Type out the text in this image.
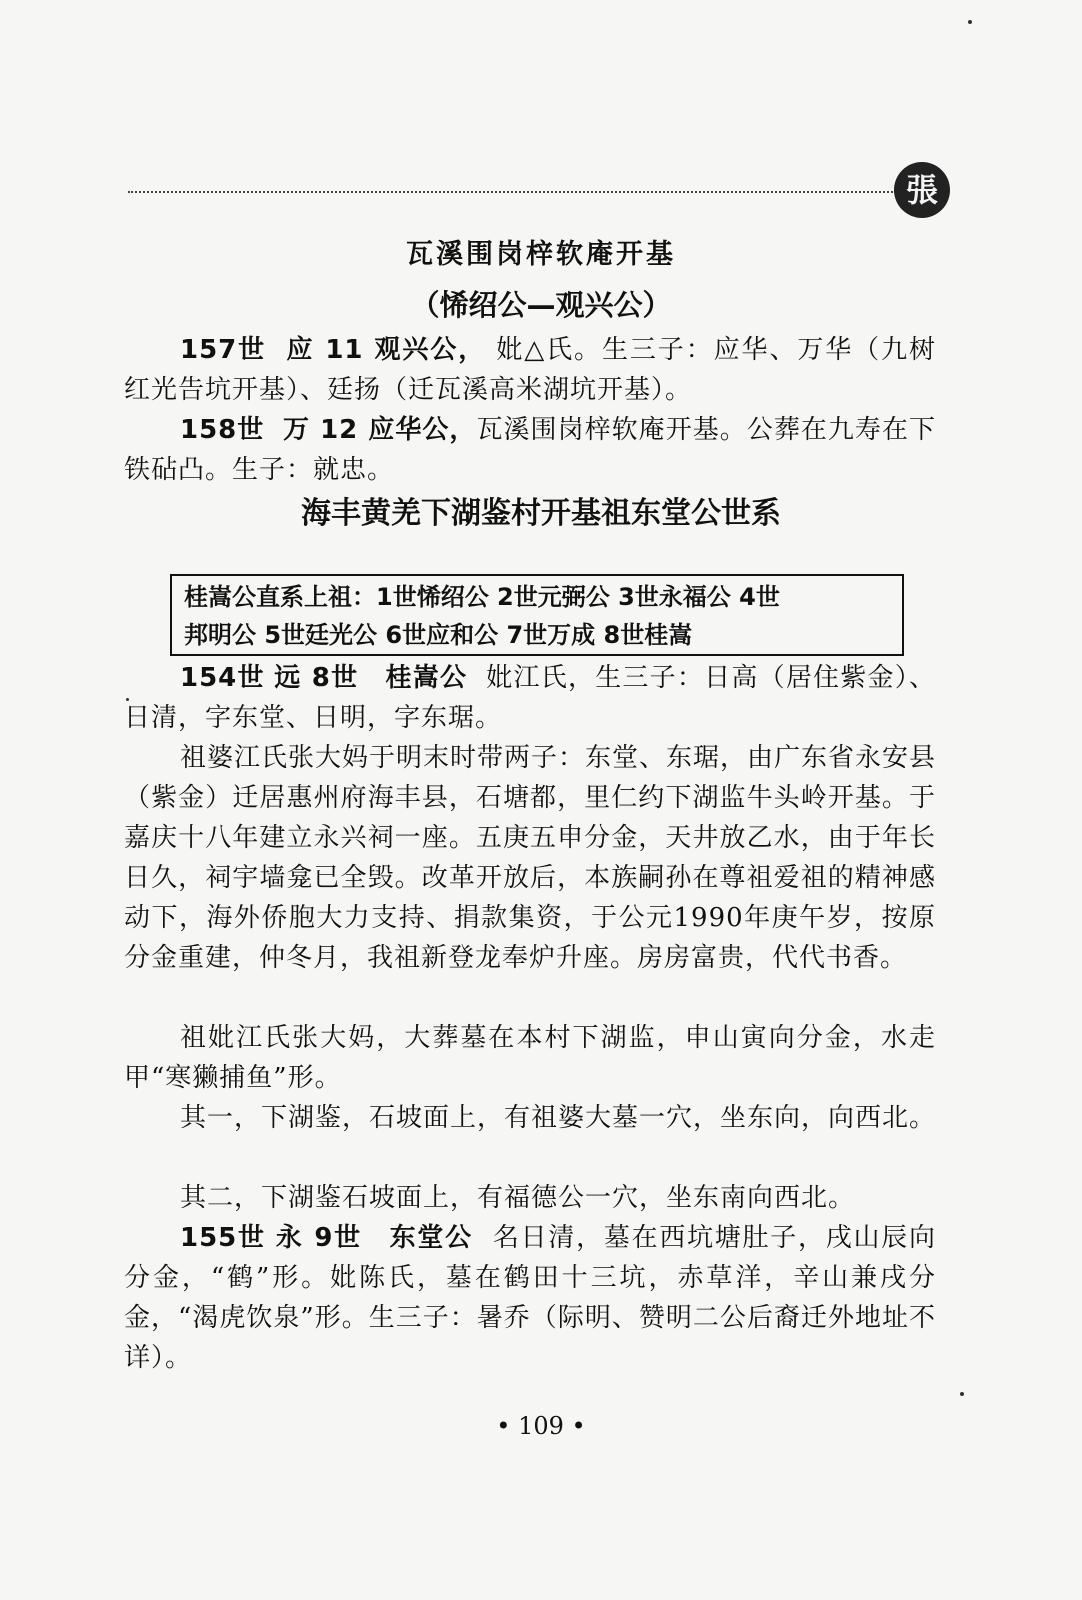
張
瓦溪围岗梓软庵开基
（悕绍公—观兴公）
157世 应 11 观兴公， 妣△氏。生三子：应华、万华（九树红光告坑开基）、廷扬（迁瓦溪高米湖坑开基）。
158世 万 12 应华公，瓦溪围岗梓软庵开基。公葬在九寿在下铁砧凸。生子：就忠。
海丰黄羌下湖鉴村开基祖东堂公世系
桂嵩公直系上祖：1世悕绍公 2世元弼公 3世永福公 4世
邦明公 5世廷光公 6世应和公 7世万成 8世桂嵩
154世 远 8世　桂嵩公 妣江氏，生三子：日高（居住紫金）、日清，字东堂、日明，字东琚。
祖婆江氏张大妈于明末时带两子：东堂、东琚，由广东省永安县（紫金）迁居惠州府海丰县，石塘都，里仁约下湖监牛头岭开基。于嘉庆十八年建立永兴祠一座。五庚五申分金，天井放乙水，由于年长日久，祠宇墙龛已全毁。改革开放后，本族嗣孙在尊祖爱祖的精神感动下，海外侨胞大力支持、捐款集资，于公元1990年庚午岁，按原分金重建，仲冬月，我祖新登龙奉炉升座。房房富贵，代代书香。
祖妣江氏张大妈，大葬墓在本村下湖监，申山寅向分金，水走甲“寒獭捕鱼”形。
其一，下湖鉴，石坡面上，有祖婆大墓一穴，坐东向，向西北。
其二，下湖鉴石坡面上，有福德公一穴，坐东南向西北。
155世 永 9世　东堂公 名日清，墓在西坑塘肚子，戌山辰向分金，“鹤”形。妣陈氏，墓在鹤田十三坑，赤草洋，辛山兼戌分金，“渴虎饮泉”形。生三子：暑乔（际明、赞明二公后裔迁外地址不详）。
• 109 •
